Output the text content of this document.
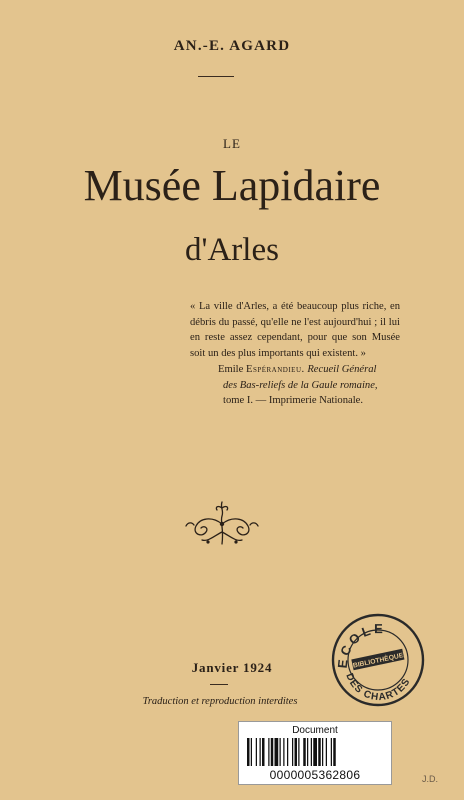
AN.-E. AGARD
LE
Musée Lapidaire
d'Arles
« La ville d'Arles, a été beaucoup plus riche, en débris du passé, qu'elle ne l'est aujourd'hui ; il lui en reste assez cependant, pour que son Musée soit un des plus importants qui existent. »
Emile Espérandieu. Recueil Général
des Bas-reliefs de la Gaule romaine,
tome I. — Imprimerie Nationale.
Janvier 1924
Traduction et reproduction interdites
ECOLE
DES CHARTES
BIBLIOTHÈQUE
Document
0000005362806	J.D.
